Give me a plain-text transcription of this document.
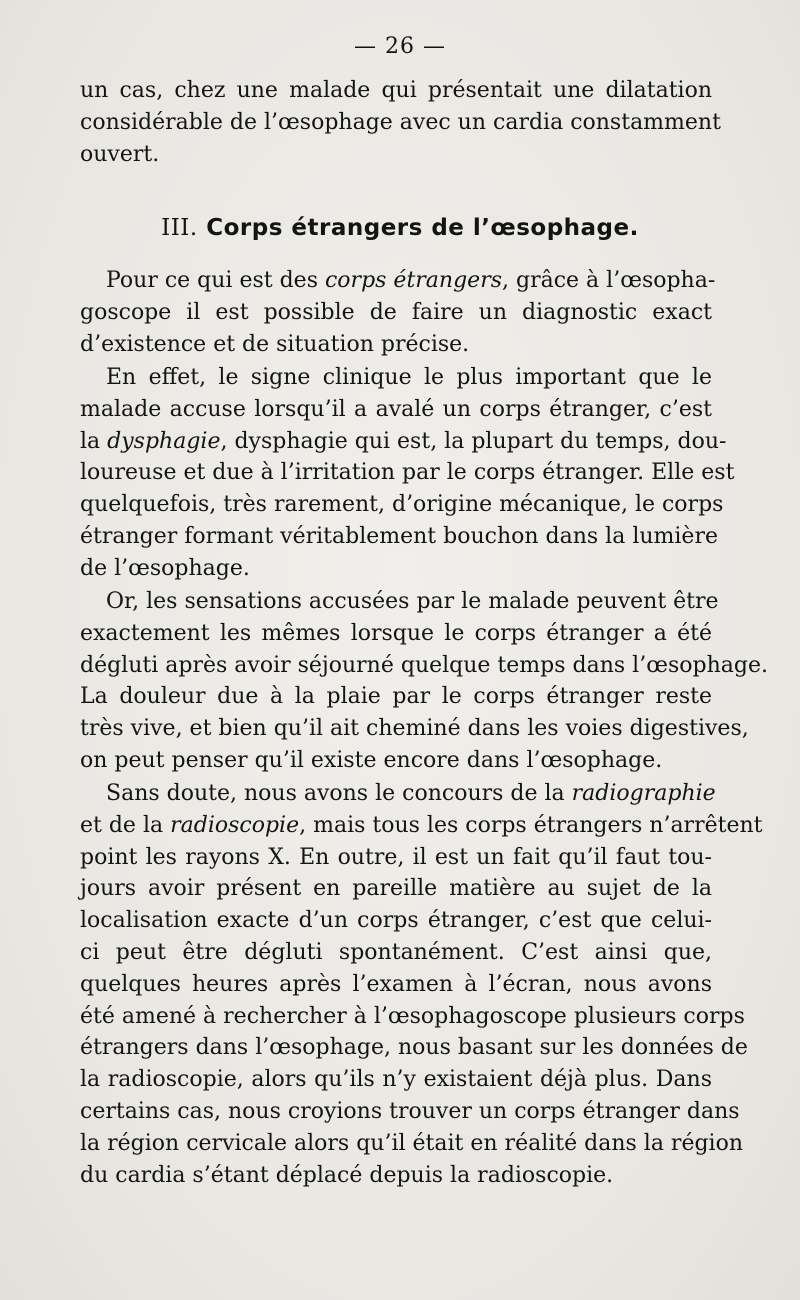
— 26 —
un cas, chez une malade qui présentait une dilatation
considérable de l’œsophage avec un cardia constamment
ouvert.
III. Corps étrangers de l’œsophage.
Pour ce qui est des corps étrangers, grâce à l’œsopha-
goscope il est possible de faire un diagnostic exact
d’existence et de situation précise.
En effet, le signe clinique le plus important que le
malade accuse lorsqu’il a avalé un corps étranger, c’est
la dysphagie, dysphagie qui est, la plupart du temps, dou-
loureuse et due à l’irritation par le corps étranger. Elle est
quelquefois, très rarement, d’origine mécanique, le corps
étranger formant véritablement bouchon dans la lumière
de l’œsophage.
Or, les sensations accusées par le malade peuvent être
exactement les mêmes lorsque le corps étranger a été
dégluti après avoir séjourné quelque temps dans l’œsophage.
La douleur due à la plaie par le corps étranger reste
très vive, et bien qu’il ait cheminé dans les voies digestives,
on peut penser qu’il existe encore dans l’œsophage.
Sans doute, nous avons le concours de la radiographie
et de la radioscopie, mais tous les corps étrangers n’arrêtent
point les rayons X. En outre, il est un fait qu’il faut tou-
jours avoir présent en pareille matière au sujet de la
localisation exacte d’un corps étranger, c’est que celui-
ci peut être dégluti spontanément. C’est ainsi que,
quelques heures après l’examen à l’écran, nous avons
été amené à rechercher à l’œsophagoscope plusieurs corps
étrangers dans l’œsophage, nous basant sur les données de
la radioscopie, alors qu’ils n’y existaient déjà plus. Dans
certains cas, nous croyions trouver un corps étranger dans
la région cervicale alors qu’il était en réalité dans la région
du cardia s’étant déplacé depuis la radioscopie.
